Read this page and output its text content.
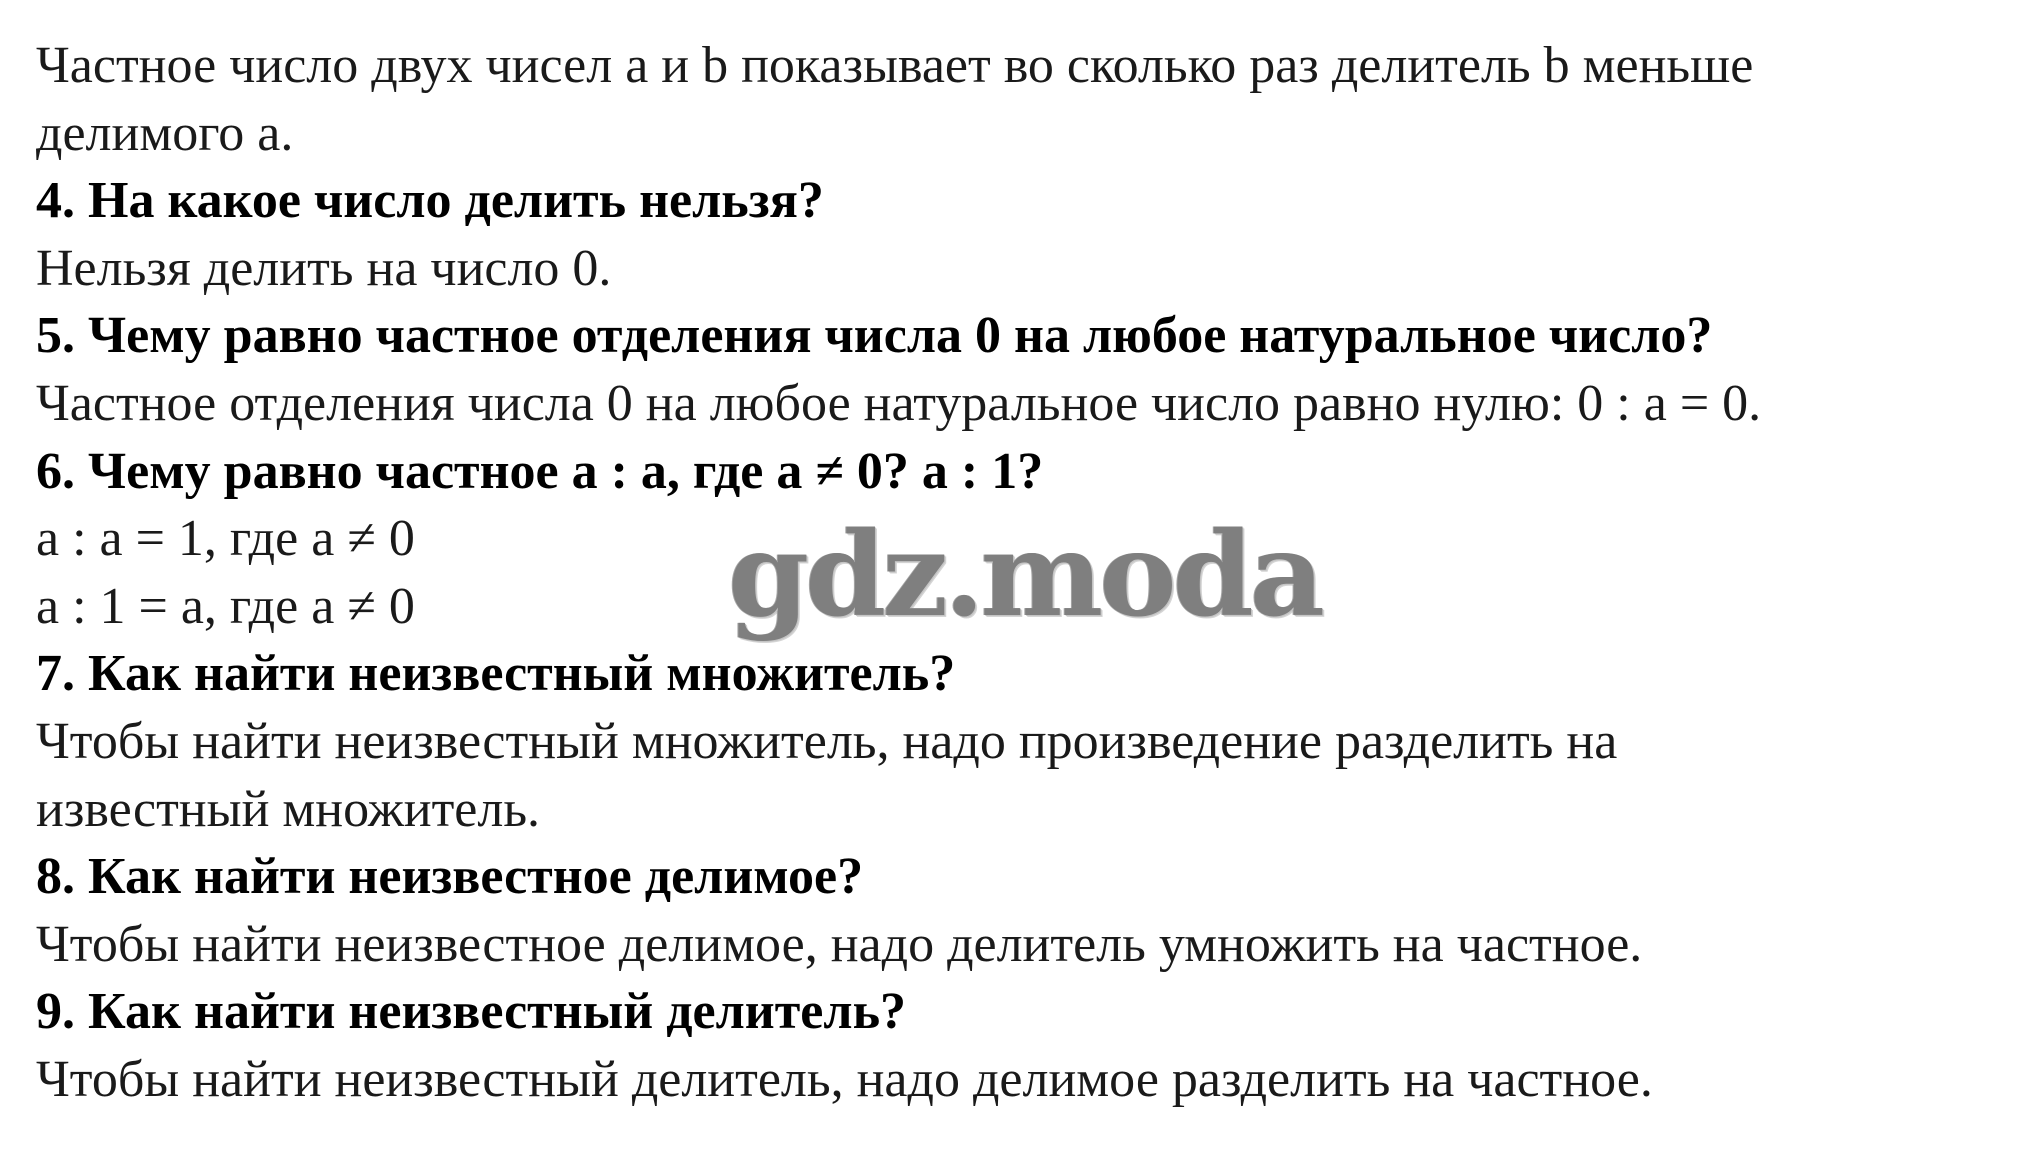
Частное число двух чисел a и b показывает во сколько раз делитель b меньше
делимого a.
4. На какое число делить нельзя?
Нельзя делить на число 0.
5. Чему равно частное отделения числа 0 на любое натуральное число?
Частное отделения числа 0 на любое натуральное число равно нулю: 0 : a = 0.
6. Чему равно частное a : a, где a ≠ 0? a : 1?
a : a = 1, где a ≠ 0
a : 1 = a, где a ≠ 0
7. Как найти неизвестный множитель?
Чтобы найти неизвестный множитель, надо произведение разделить на
известный множитель.
8. Как найти неизвестное делимое?
Чтобы найти неизвестное делимое, надо делитель умножить на частное.
9. Как найти неизвестный делитель?
Чтобы найти неизвестный делитель, надо делимое разделить на частное.
gdz.moda
